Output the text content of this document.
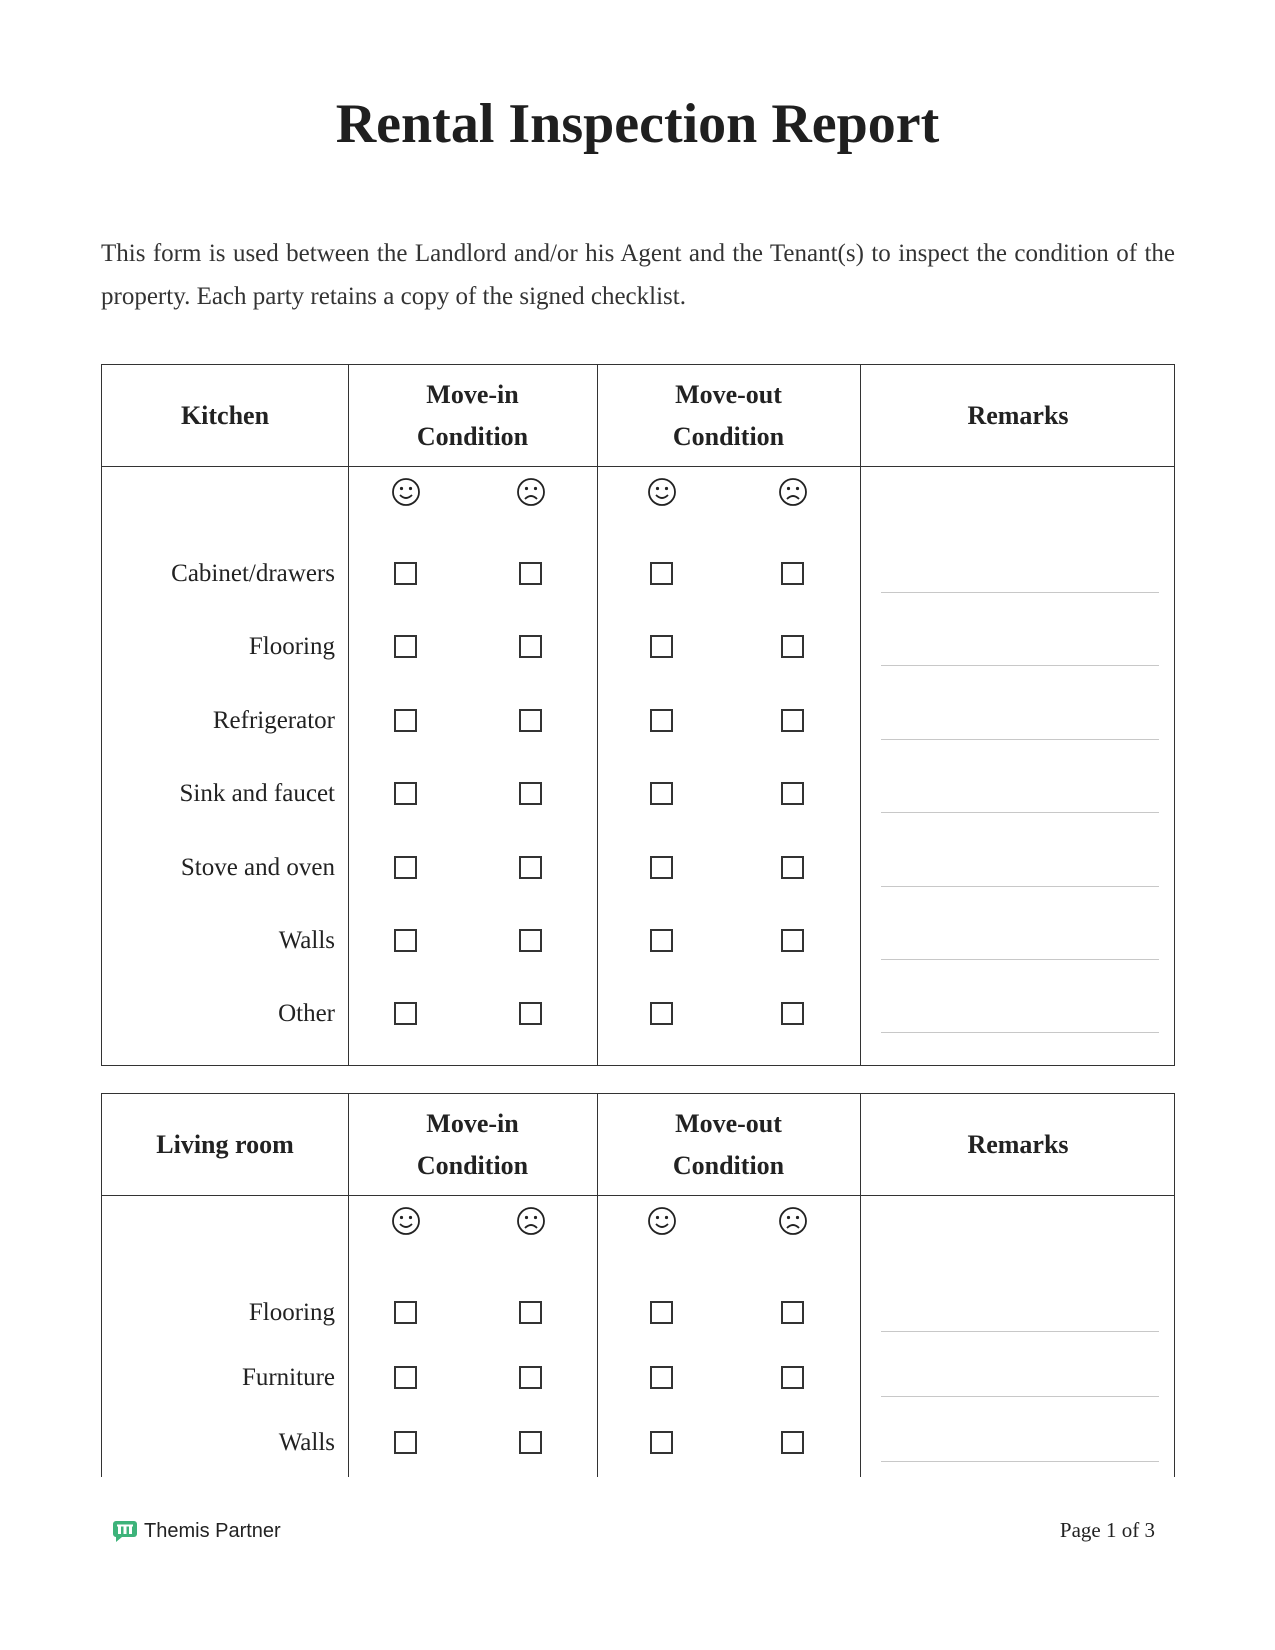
Rental Inspection Report

This form is used between the Landlord and/or his Agent and the Tenant(s) to inspect the condition of the property. Each party retains a copy of the signed checklist.

Kitchen
Move-in Condition
Move-out Condition
Remarks
Cabinet/drawers
Flooring
Refrigerator
Sink and faucet
Stove and oven
Walls
Other
Living room
Move-in Condition
Move-out Condition
Remarks
Flooring
Furniture
Walls
Themis Partner	Page 1 of 3
